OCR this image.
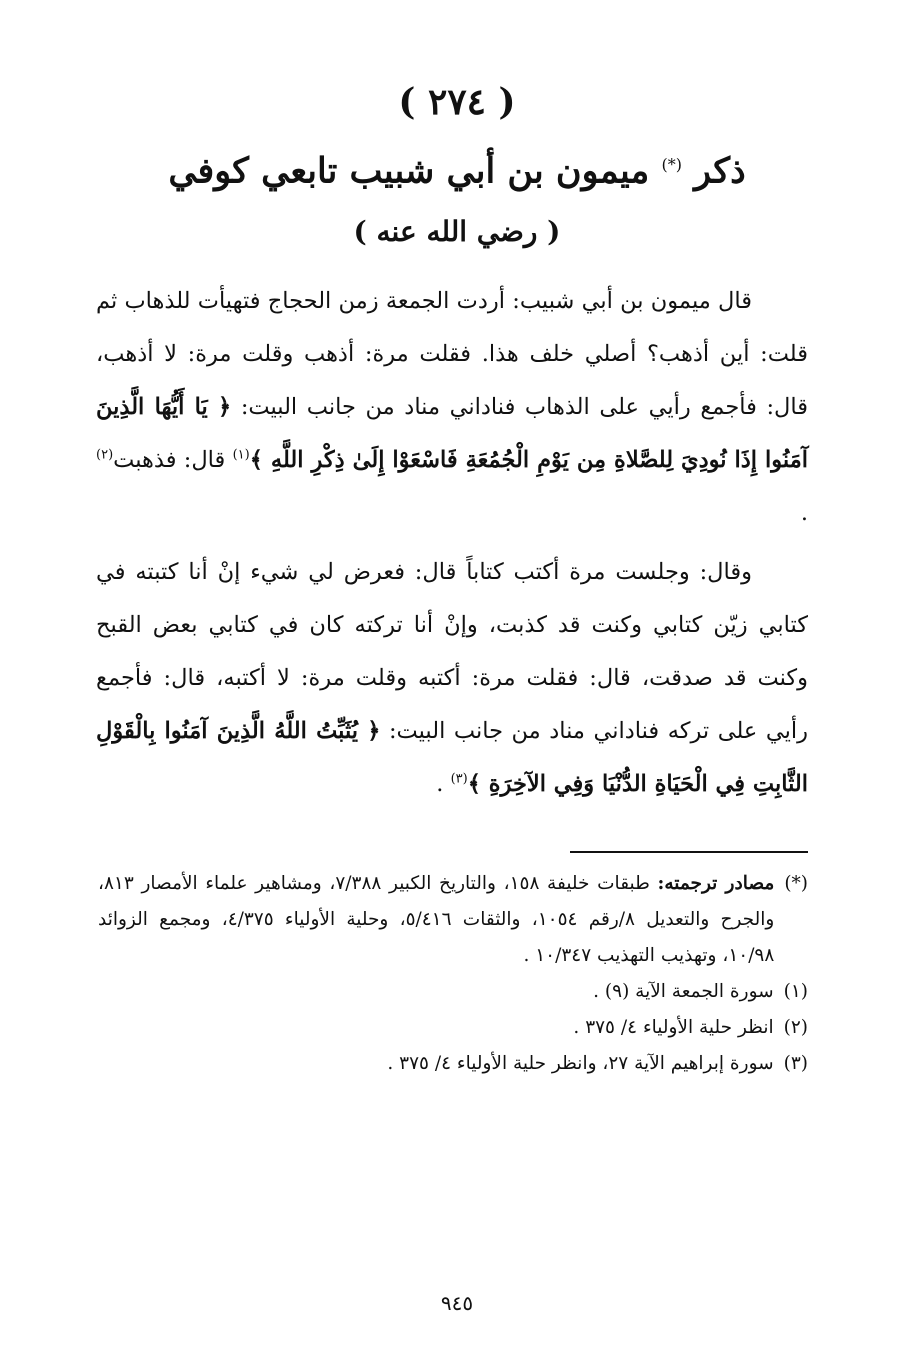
( ٢٧٤ )
ذكر (*) ميمون بن أبي شبيب تابعي كوفي
( رضي الله عنه )
قال ميمون بن أبي شبيب: أردت الجمعة زمن الحجاج فتهيأت للذهاب ثم قلت: أين أذهب؟ أصلي خلف هذا. فقلت مرة: أذهب وقلت مرة: لا أذهب، قال: فأجمع رأيي على الذهاب فناداني مناد من جانب البيت: ﴿ يَا أَيُّهَا الَّذِينَ آمَنُوا إِذَا نُودِيَ لِلصَّلاةِ مِن يَوْمِ الْجُمُعَةِ فَاسْعَوْا إِلَىٰ ذِكْرِ اللَّهِ ﴾$^{(١)}$ قال: فذهبت$^{(٢)}$ .
وقال: وجلست مرة أكتب كتاباً قال: فعرض لي شيء إنْ أنا كتبته في كتابي زيّن كتابي وكنت قد كذبت، وإنْ أنا تركته كان في كتابي بعض القبح وكنت قد صدقت، قال: فقلت مرة: أكتبه وقلت مرة: لا أكتبه، قال: فأجمع رأيي على تركه فناداني مناد من جانب البيت: ﴿ يُثَبِّتُ اللَّهُ الَّذِينَ آمَنُوا بِالْقَوْلِ الثَّابِتِ فِي الْحَيَاةِ الدُّنْيَا وَفِي الآخِرَةِ ﴾$^{(٣)}$ .
(*)
مصادر ترجمته: طبقات خليفة ١٥٨، والتاريخ الكبير ٧/٣٨٨، ومشاهير علماء الأمصار ٨١٣، والجرح والتعديل ٨/رقم ١٠٥٤، والثقات ٥/٤١٦، وحلية الأولياء ٤/٣٧٥، ومجمع الزوائد ١٠/٩٨، وتهذيب التهذيب ١٠/٣٤٧ .
(١)
سورة الجمعة الآية (٩) .
(٢)
انظر حلية الأولياء ٤/ ٣٧٥ .
(٣)
سورة إبراهيم الآية ٢٧، وانظر حلية الأولياء ٤/ ٣٧٥ .
٩٤٥
